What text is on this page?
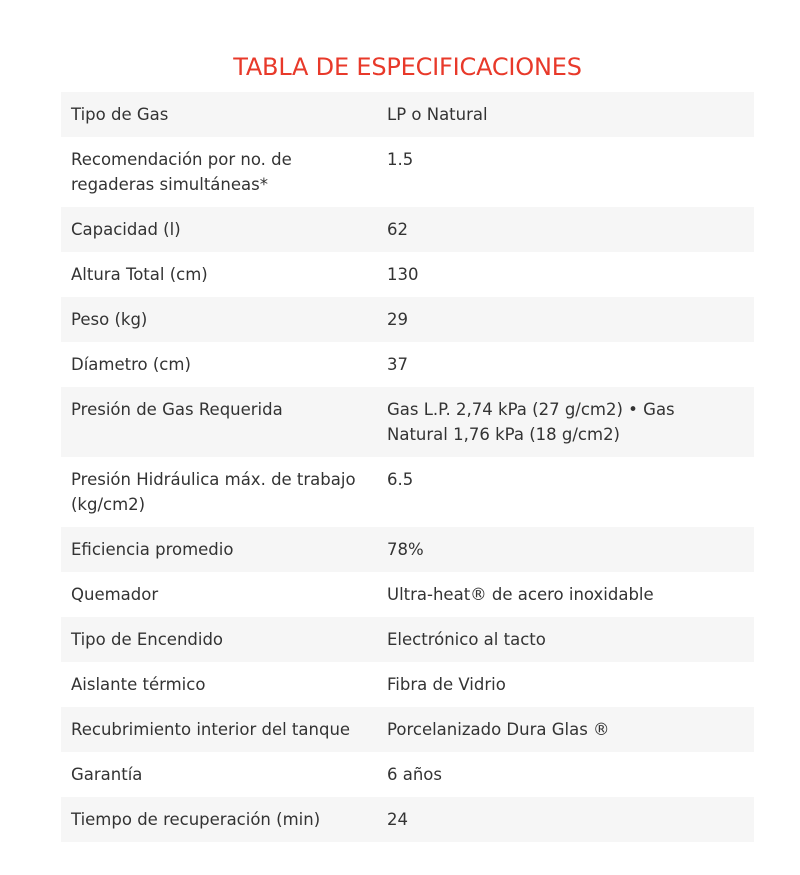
TABLA DE ESPECIFICACIONES
Tipo de Gas	LP o Natural
Recomendación por no. de regaderas simultáneas*	1.5
Capacidad (l)	62
Altura Total (cm)	130
Peso (kg)	29
Díametro (cm)	37
Presión de Gas Requerida	Gas L.P. 2,74 kPa (27 g/cm2) • Gas Natural 1,76 kPa (18 g/cm2)
Presión Hidráulica máx. de trabajo (kg/cm2)	6.5
Eficiencia promedio	78%
Quemador	Ultra-heat® de acero inoxidable
Tipo de Encendido	Electrónico al tacto
Aislante térmico	Fibra de Vidrio
Recubrimiento interior del tanque	Porcelanizado Dura Glas ®
Garantía	6 años
Tiempo de recuperación (min)	24
